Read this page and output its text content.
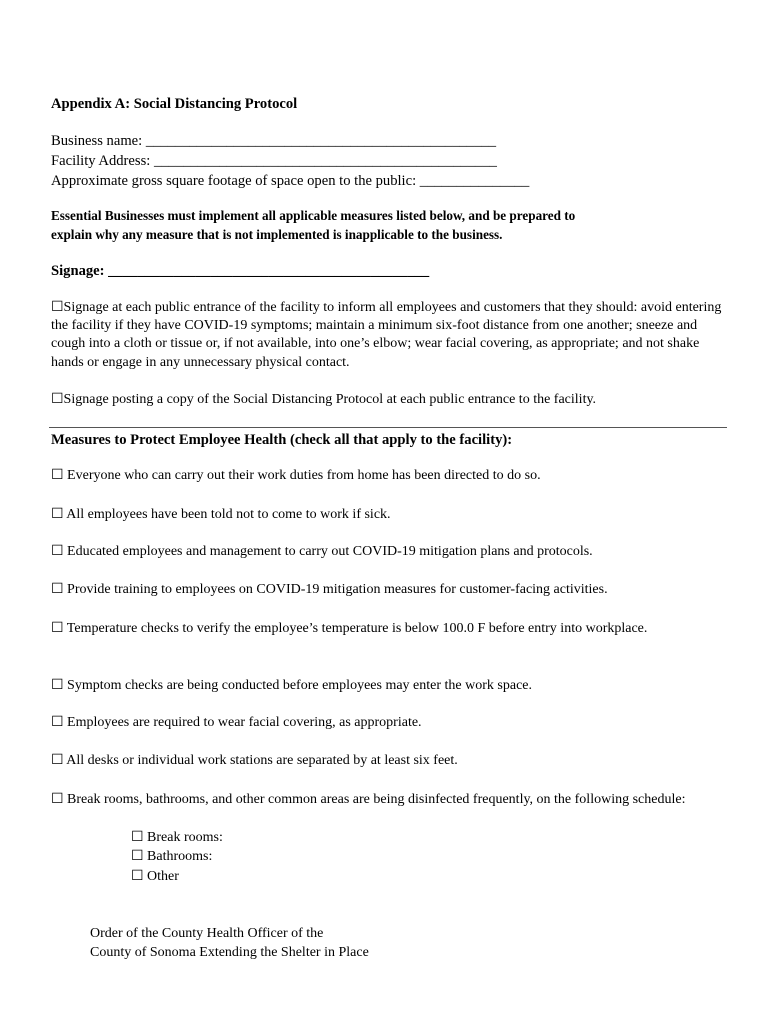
Appendix A: Social Distancing Protocol
Business name: ________________________________________________
Facility Address: _______________________________________________
Approximate gross square footage of space open to the public: _______________
Essential Businesses must implement all applicable measures listed below, and be prepared to
explain why any measure that is not implemented is inapplicable to the business.
Signage: ____________________________________________
☐Signage at each public entrance of the facility to inform all employees and customers that they should: avoid entering the facility if they have COVID-19 symptoms; maintain a minimum six-foot distance from one another; sneeze and cough into a cloth or tissue or, if not available, into one’s elbow; wear facial covering, as appropriate; and not shake hands or engage in any unnecessary physical contact.
☐Signage posting a copy of the Social Distancing Protocol at each public entrance to the facility.
Measures to Protect Employee Health (check all that apply to the facility):
☐ Everyone who can carry out their work duties from home has been directed to do so.
☐ All employees have been told not to come to work if sick.
☐ Educated employees and management to carry out COVID-19 mitigation plans and protocols.
☐ Provide training to employees on COVID-19 mitigation measures for customer-facing activities.
☐ Temperature checks to verify the employee’s temperature is below 100.0 F before entry into workplace.
☐ Symptom checks are being conducted before employees may enter the work space.
☐ Employees are required to wear facial covering, as appropriate.
☐ All desks or individual work stations are separated by at least six feet.
☐ Break rooms, bathrooms, and other common areas are being disinfected frequently, on the following schedule:
☐ Break rooms:
☐ Bathrooms:
☐ Other
Order of the County Health Officer of the
County of Sonoma Extending the Shelter in Place
